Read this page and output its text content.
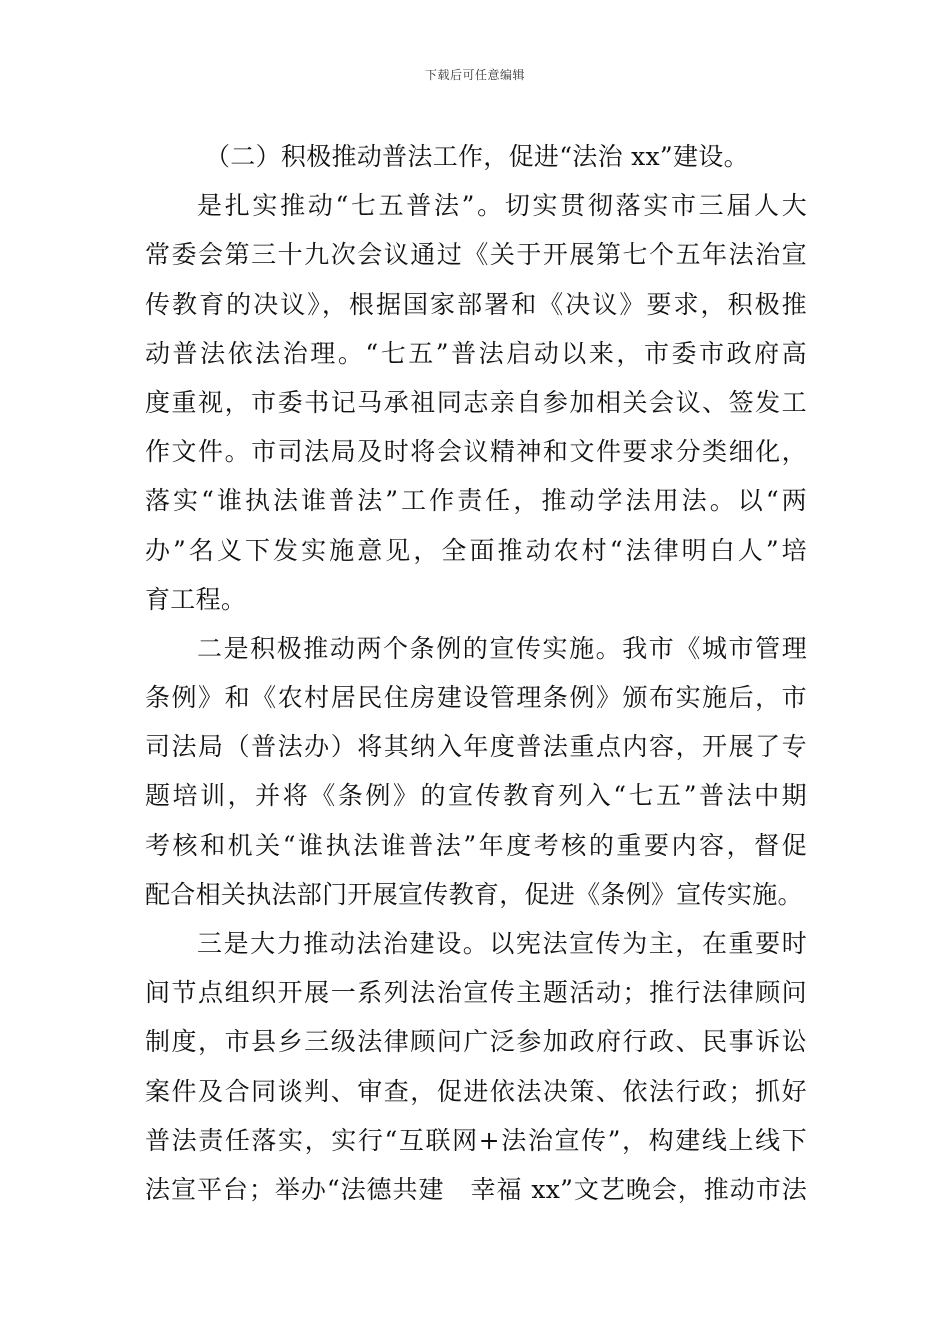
下载后可任意编辑
（二）积极推动普法工作，促进“法治 xx”建设。
是扎实推动“七五普法”。切实贯彻落实市三届人大
常委会第三十九次会议通过《关于开展第七个五年法治宣
传教育的决议》，根据国家部署和《决议》要求，积极推
动普法依法治理。“七五”普法启动以来，市委市政府高
度重视，市委书记马承祖同志亲自参加相关会议、签发工
作文件。市司法局及时将会议精神和文件要求分类细化，
落实“谁执法谁普法”工作责任，推动学法用法。以“两
办”名义下发实施意见，全面推动农村“法律明白人”培
育工程。
二是积极推动两个条例的宣传实施。我市《城市管理
条例》和《农村居民住房建设管理条例》颁布实施后，市
司法局（普法办）将其纳入年度普法重点内容，开展了专
题培训，并将《条例》的宣传教育列入“七五”普法中期
考核和机关“谁执法谁普法”年度考核的重要内容，督促
配合相关执法部门开展宣传教育，促进《条例》宣传实施。
三是大力推动法治建设。以宪法宣传为主，在重要时
间节点组织开展一系列法治宣传主题活动；推行法律顾问
制度，市县乡三级法律顾问广泛参加政府行政、民事诉讼
案件及合同谈判、审查，促进依法决策、依法行政；抓好
普法责任落实，实行“互联网+法治宣传”，构建线上线下
法宣平台；举办“法德共建　幸福 xx”文艺晚会，推动市法
